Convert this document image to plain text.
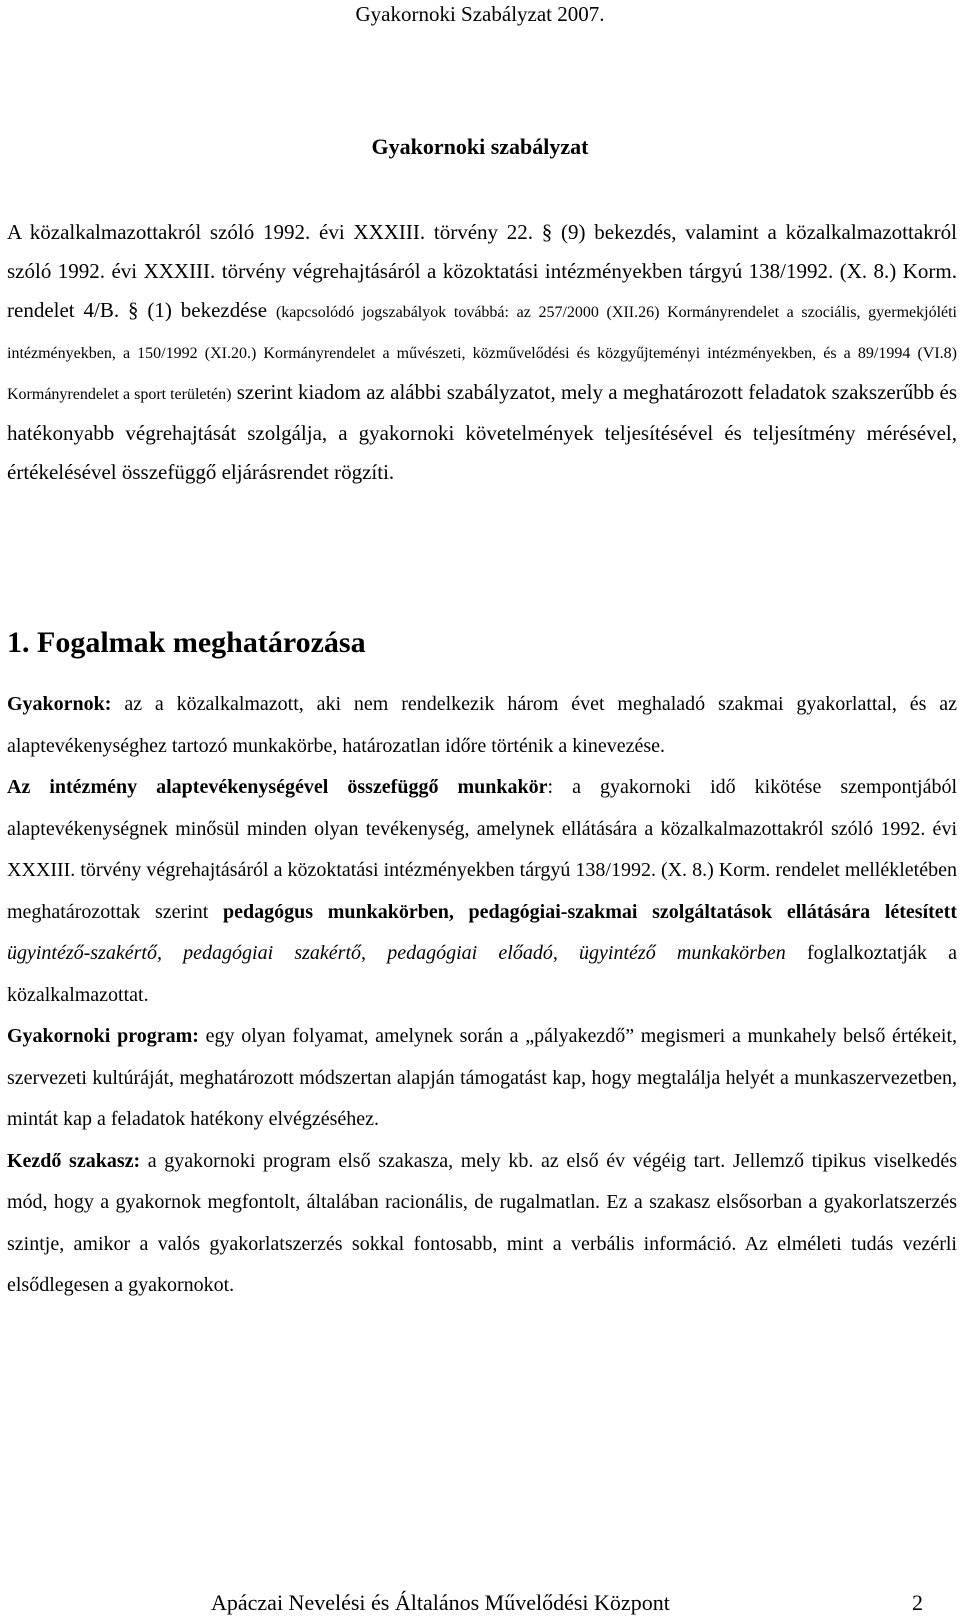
Gyakornoki Szabályzat 2007.
Gyakornoki szabályzat
A közalkalmazottakról szóló 1992. évi XXXIII. törvény 22. § (9) bekezdés, valamint a közalkalmazottakról szóló 1992. évi XXXIII. törvény végrehajtásáról a közoktatási intézményekben tárgyú 138/1992. (X. 8.) Korm. rendelet 4/B. § (1) bekezdése (kapcsolódó jogszabályok továbbá: az 257/2000 (XII.26) Kormányrendelet a szociális, gyermekjóléti intézményekben, a 150/1992 (XI.20.) Kormányrendelet a művészeti, közművelődési és közgyűjteményi intézményekben, és a 89/1994 (VI.8) Kormányrendelet a sport területén) szerint kiadom az alábbi szabályzatot, mely a meghatározott feladatok szakszerűbb és hatékonyabb végrehajtását szolgálja, a gyakornoki követelmények teljesítésével és teljesítmény mérésével, értékelésével összefüggő eljárásrendet rögzíti.
1. Fogalmak meghatározása
Gyakornok: az a közalkalmazott, aki nem rendelkezik három évet meghaladó szakmai gyakorlattal, és az alaptevékenységhez tartozó munkakörbe, határozatlan időre történik a kinevezése.
Az intézmény alaptevékenységével összefüggő munkakör: a gyakornoki idő kikötése szempontjából alaptevékenységnek minősül minden olyan tevékenység, amelynek ellátására a közalkalmazottakról szóló 1992. évi XXXIII. törvény végrehajtásáról a közoktatási intézményekben tárgyú 138/1992. (X. 8.) Korm. rendelet mellékletében meghatározottak szerint pedagógus munkakörben, pedagógiai-szakmai szolgáltatások ellátására létesített ügyintéző-szakértő, pedagógiai szakértő, pedagógiai előadó, ügyintéző munkakörben foglalkoztatják a közalkalmazottat.
Gyakornoki program: egy olyan folyamat, amelynek során a „pályakezdő” megismeri a munkahely belső értékeit, szervezeti kultúráját, meghatározott módszertan alapján támogatást kap, hogy megtalálja helyét a munkaszervezetben, mintát kap a feladatok hatékony elvégzéséhez.
Kezdő szakasz: a gyakornoki program első szakasza, mely kb. az első év végéig tart. Jellemző tipikus viselkedés mód, hogy a gyakornok megfontolt, általában racionális, de rugalmatlan. Ez a szakasz elsősorban a gyakorlatszerzés szintje, amikor a valós gyakorlatszerzés sokkal fontosabb, mint a verbális információ. Az elméleti tudás vezérli elsődlegesen a gyakornokot.
Apáczai Nevelési és Általános Művelődési Központ	2
